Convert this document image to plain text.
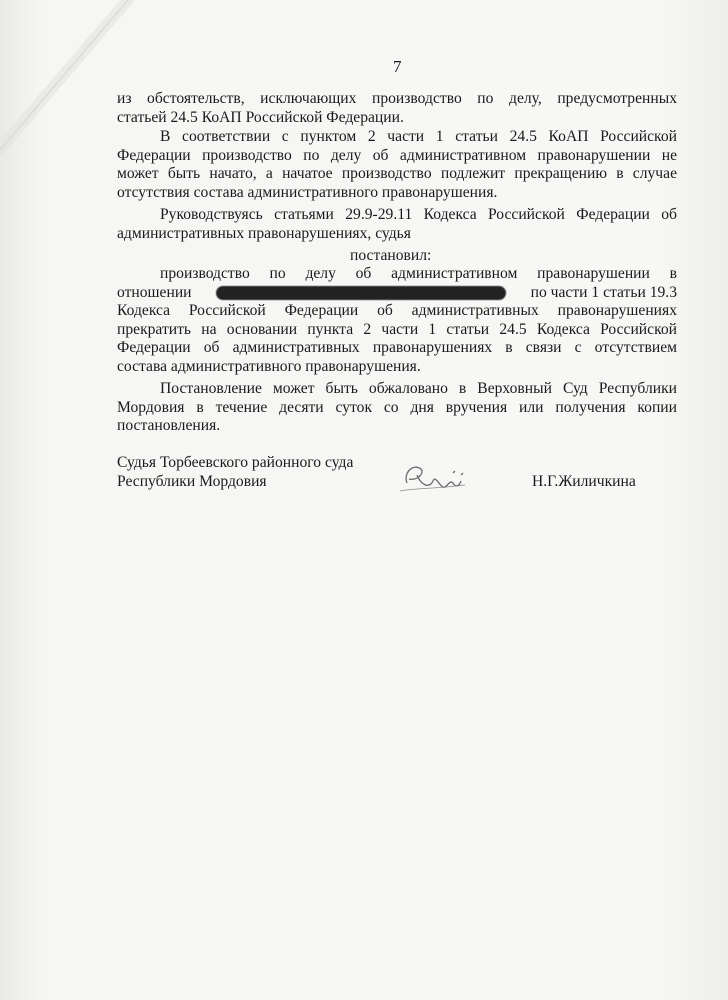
7
из обстоятельств, исключающих производство по делу, предусмотренных
статьей 24.5 КоАП Российской Федерации.
В соответствии с пунктом 2 части 1 статьи 24.5 КоАП Российской
Федерации производство по делу об административном правонарушении не
может быть начато, а начатое производство подлежит прекращению в случае
отсутствия состава административного правонарушения.
Руководствуясь статьями 29.9-29.11 Кодекса Российской Федерации об
административных правонарушениях, судья
постановил:
производство по делу об административном правонарушении в
отношении	по части 1 статьи 19.3
Кодекса Российской Федерации об административных правонарушениях
прекратить на основании пункта 2 части 1 статьи 24.5 Кодекса Российской
Федерации об административных правонарушениях в связи с отсутствием
состава административного правонарушения.
Постановление может быть обжаловано в Верховный Суд Республики
Мордовия в течение десяти суток со дня вручения или получения копии
постановления.
Судья Торбеевского районного суда
Республики Мордовия	Н.Г.Жиличкина
